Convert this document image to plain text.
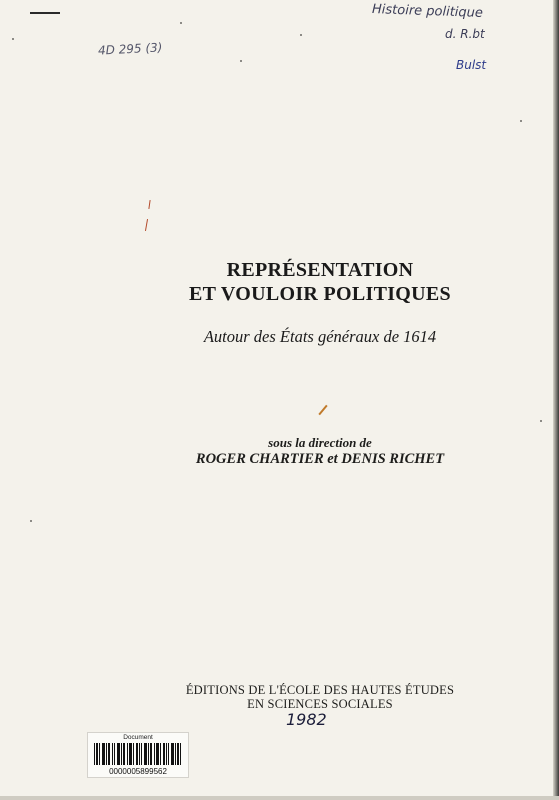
4D 295 (3)
Histoire politique
d. R.bt
Bulst
REPRÉSENTATION
ET VOULOIR POLITIQUES
Autour des États généraux de 1614
sous la direction de
ROGER CHARTIER et DENIS RICHET
ÉDITIONS DE L'ÉCOLE DES HAUTES ÉTUDES
EN SCIENCES SOCIALES
1982
Document
0000005899562
